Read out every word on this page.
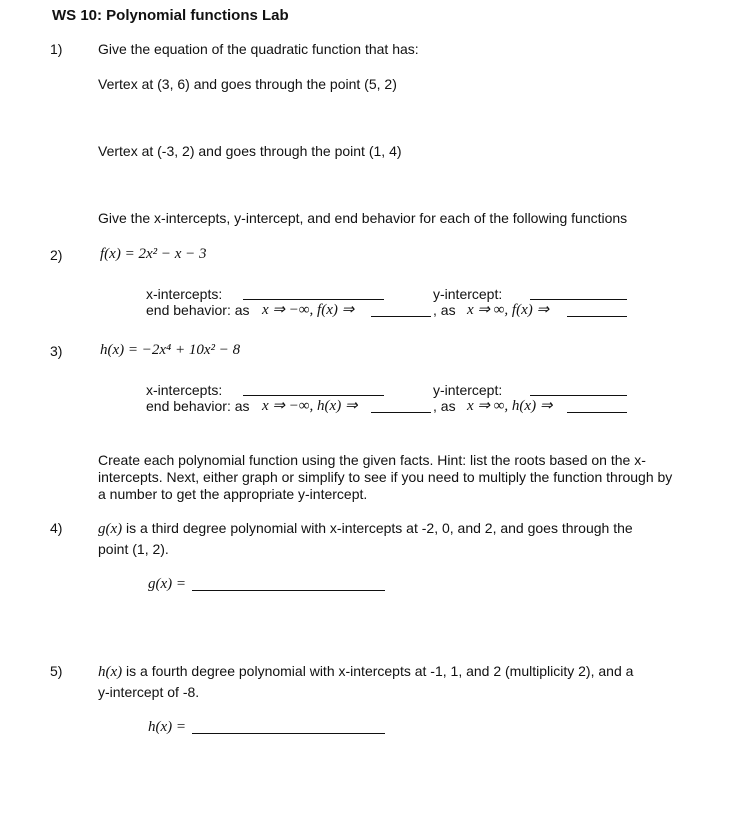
WS 10: Polynomial functions Lab
1)	Give the equation of the quadratic function that has:
Vertex at (3, 6) and goes through the point (5, 2)
Vertex at (-3, 2) and goes through the point (1, 4)
Give the x-intercepts, y-intercept, and end behavior for each of the following functions
2)	f(x) = 2x² − x − 3
x-intercepts:	y-intercept:
end behavior: as x ⇒ −∞, f(x) ⇒	, as x ⇒ ∞, f(x) ⇒
3)	h(x) = −2x⁴ + 10x² − 8
x-intercepts:	y-intercept:
end behavior: as x ⇒ −∞, h(x) ⇒	, as x ⇒ ∞, h(x) ⇒
Create each polynomial function using the given facts. Hint: list the roots based on the x-intercepts. Next, either graph or simplify to see if you need to multiply the function through by a number to get the appropriate y-intercept.
4) g(x) is a third degree polynomial with x-intercepts at -2, 0, and 2, and goes through the
point (1, 2).
g(x) =
5) h(x) is a fourth degree polynomial with x-intercepts at -1, 1, and 2 (multiplicity 2), and a
y-intercept of -8.
h(x) =
